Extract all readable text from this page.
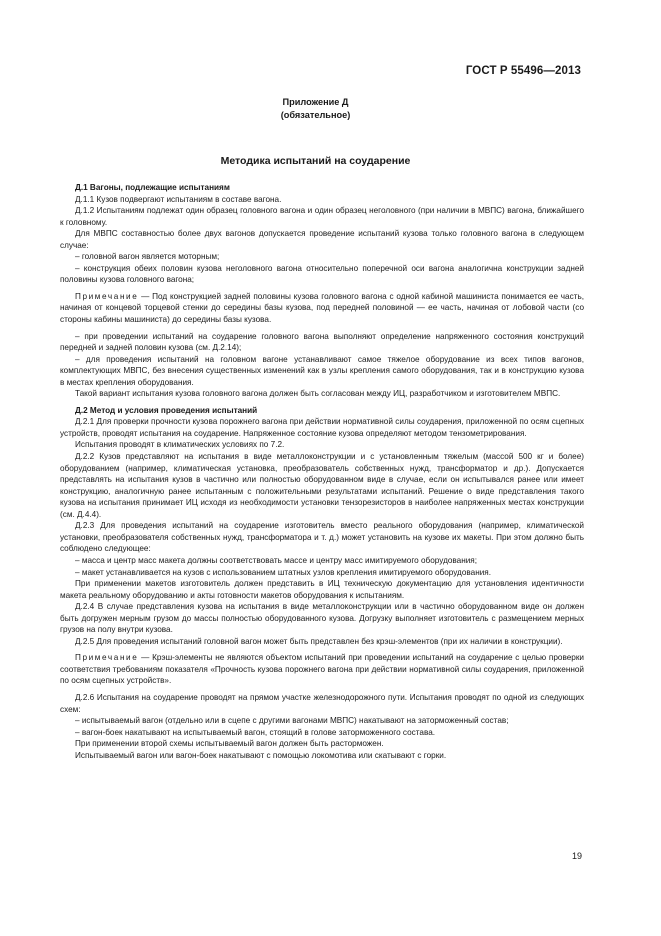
ГОСТ Р 55496—2013
Приложение Д
(обязательное)
Методика испытаний на соударение

Д.1 Вагоны, подлежащие испытаниям

Д.1.1 Кузов подвергают испытаниям в составе вагона.

Д.1.2 Испытаниям подлежат один образец головного вагона и один образец неголовного (при наличии в МВПС) вагона, ближайшего к головному.

Для МВПС составностью более двух вагонов допускается проведение испытаний кузова только головного вагона в следующем случае:

– головной вагон является моторным;

– конструкция обеих половин кузова неголовного вагона относительно поперечной оси вагона аналогична конструкции задней половины кузова головного вагона;

Примечание — Под конструкцией задней половины кузова головного вагона с одной кабиной машиниста понимается ее часть, начиная от концевой торцевой стенки до середины базы кузова, под передней половиной — ее часть, начиная от лобовой части (со стороны кабины машиниста) до середины базы кузова.

– при проведении испытаний на соударение головного вагона выполняют определение напряженного состояния конструкций передней и задней половин кузова (см. Д.2.14);

– для проведения испытаний на головном вагоне устанавливают самое тяжелое оборудование из всех типов вагонов, комплектующих МВПС, без внесения существенных изменений как в узлы крепления самого оборудования, так и в конструкцию кузова в местах крепления оборудования.

Такой вариант испытания кузова головного вагона должен быть согласован между ИЦ, разработчиком и изготовителем МВПС.

Д.2 Метод и условия проведения испытаний

Д.2.1 Для проверки прочности кузова порожнего вагона при действии нормативной силы соударения, приложенной по осям сцепных устройств, проводят испытания на соударение. Напряженное состояние кузова определяют методом тензометрирования.

Испытания проводят в климатических условиях по 7.2.

Д.2.2 Кузов представляют на испытания в виде металлоконструкции и с установленным тяжелым (массой 500 кг и более) оборудованием (например, климатическая установка, преобразователь собственных нужд, трансформатор и др.). Допускается представлять на испытания кузов в частично или полностью оборудованном виде в случае, если он испытывался ранее или имеет конструкцию, аналогичную ранее испытанным с положительными результатами испытаний. Решение о виде представления такого кузова на испытания принимает ИЦ исходя из необходимости установки тензорезисторов в наиболее напряженных местах конструкции (см. Д.4.4).

Д.2.3 Для проведения испытаний на соударение изготовитель вместо реального оборудования (например, климатической установки, преобразователя собственных нужд, трансформатора и т. д.) может установить на кузове их макеты. При этом должно быть соблюдено следующее:

– масса и центр масс макета должны соответствовать массе и центру масс имитируемого оборудования;

– макет устанавливается на кузов с использованием штатных узлов крепления имитируемого оборудования.

При применении макетов изготовитель должен представить в ИЦ техническую документацию для установления идентичности макета реальному оборудованию и акты готовности макетов оборудования к испытаниям.

Д.2.4 В случае представления кузова на испытания в виде металлоконструкции или в частично оборудованном виде он должен быть догружен мерным грузом до массы полностью оборудованного кузова. Догрузку выполняет изготовитель с размещением мерных грузов на полу внутри кузова.

Д.2.5 Для проведения испытаний головной вагон может быть представлен без крэш-элементов (при их наличии в конструкции).

Примечание — Крэш-элементы не являются объектом испытаний при проведении испытаний на соударение с целью проверки соответствия требованиям показателя «Прочность кузова порожнего вагона при действии нормативной силы соударения, приложенной по осям сцепных устройств».

Д.2.6 Испытания на соударение проводят на прямом участке железнодорожного пути. Испытания проводят по одной из следующих схем:

– испытываемый вагон (отдельно или в сцепе с другими вагонами МВПС) накатывают на заторможенный состав;

– вагон-боек накатывают на испытываемый вагон, стоящий в голове заторможенного состава.

При применении второй схемы испытываемый вагон должен быть расторможен.

Испытываемый вагон или вагон-боек накатывают с помощью локомотива или скатывают с горки.

19
